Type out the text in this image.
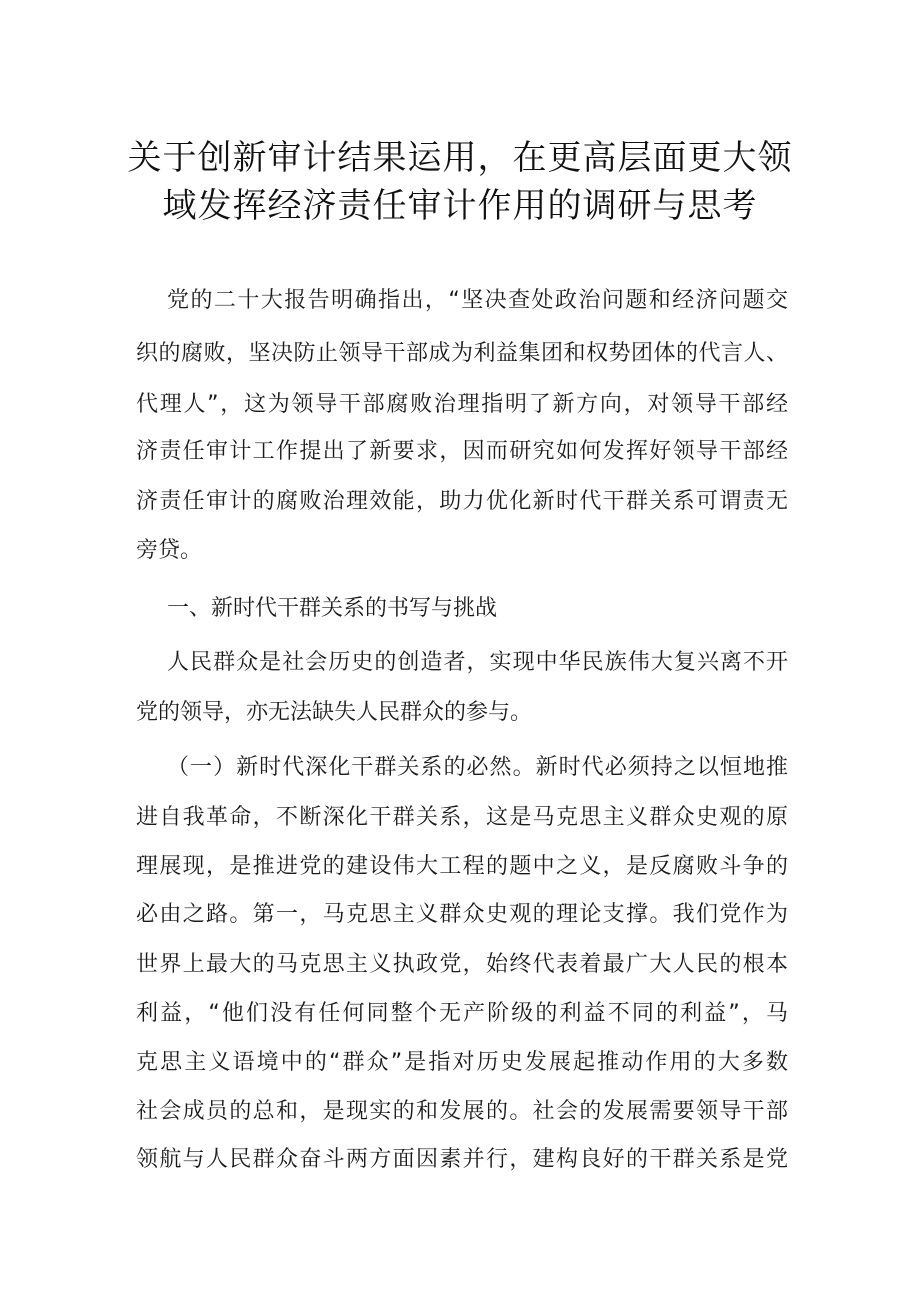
关于创新审计结果运用，在更高层面更大领
域发挥经济责任审计作用的调研与思考
党的二十大报告明确指出，“坚决查处政治问题和经济问题交
织的腐败，坚决防止领导干部成为利益集团和权势团体的代言人、
代理人”，这为领导干部腐败治理指明了新方向，对领导干部经
济责任审计工作提出了新要求，因而研究如何发挥好领导干部经
济责任审计的腐败治理效能，助力优化新时代干群关系可谓责无
旁贷。
一、新时代干群关系的书写与挑战
人民群众是社会历史的创造者，实现中华民族伟大复兴离不开
党的领导，亦无法缺失人民群众的参与。
（一）新时代深化干群关系的必然。新时代必须持之以恒地推
进自我革命，不断深化干群关系，这是马克思主义群众史观的原
理展现，是推进党的建设伟大工程的题中之义，是反腐败斗争的
必由之路。第一，马克思主义群众史观的理论支撑。我们党作为
世界上最大的马克思主义执政党，始终代表着最广大人民的根本
利益，“他们没有任何同整个无产阶级的利益不同的利益”，马
克思主义语境中的“群众”是指对历史发展起推动作用的大多数
社会成员的总和，是现实的和发展的。社会的发展需要领导干部
领航与人民群众奋斗两方面因素并行，建构良好的干群关系是党
